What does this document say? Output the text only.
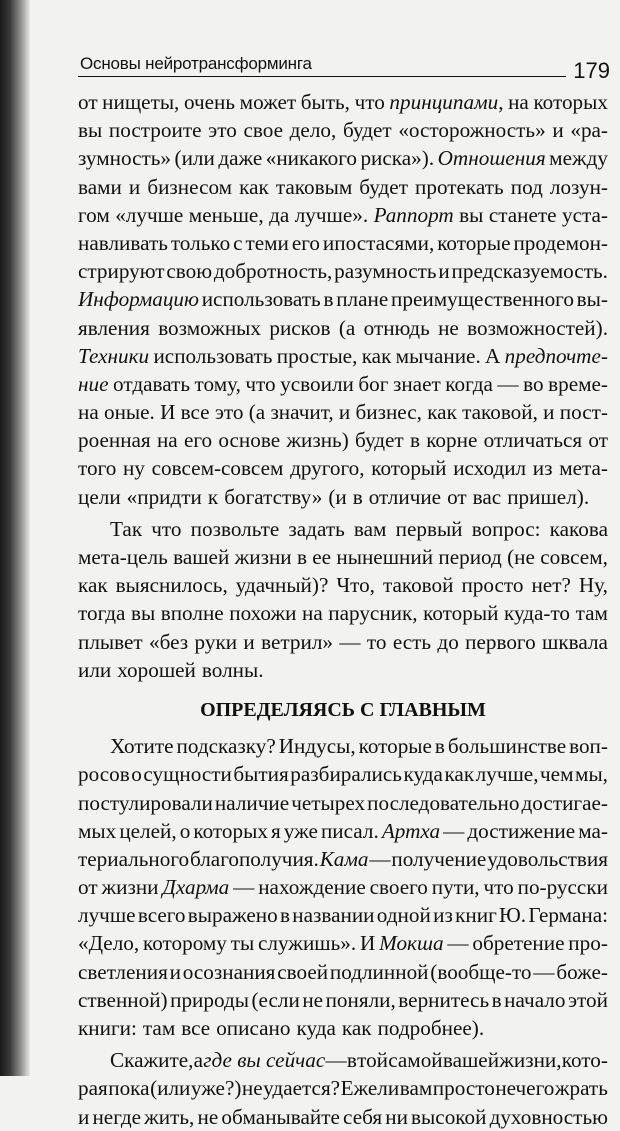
Основы нейротрансформинга	179
от нищеты, очень может быть, что принципами, на которых
вы построите это свое дело, будет «осторожность» и «ра-
зумность» (или даже «никакого риска»). Отношения между
вами и бизнесом как таковым будет протекать под лозун-
гом «лучше меньше, да лучше». Раппорт вы станете уста-
навливать только с теми его ипостасями, которые продемон-
стрируют свою добротность, разумность и предсказуемость.
Информацию использовать в плане преимущественного вы-
явления возможных рисков (а отнюдь не возможностей).
Техники использовать простые, как мычание. А предпочте-
ние отдавать тому, что усвоили бог знает когда — во време-
на оные. И все это (а значит, и бизнес, как таковой, и пост-
роенная на его основе жизнь) будет в корне отличаться от
того ну совсем-совсем другого, который исходил из мета-
цели «придти к богатству» (и в отличие от вас пришел).
Так что позвольте задать вам первый вопрос: какова
мета-цель вашей жизни в ее нынешний период (не совсем,
как выяснилось, удачный)? Что, таковой просто нет? Ну,
тогда вы вполне похожи на парусник, который куда-то там
плывет «без руки и ветрил» — то есть до первого шквала
или хорошей волны.
ОПРЕДЕЛЯЯСЬ С ГЛАВНЫМ
Хотите подсказку? Индусы, которые в большинстве воп-
росов о сущности бытия разбирались куда как лучше, чем мы,
постулировали наличие четырех последовательно достигае-
мых целей, о которых я уже писал. Артха — достижение ма-
териального благополучия. Кама — получение удовольствия
от жизни Дхарма — нахождение своего пути, что по-русски
лучше всего выражено в названии одной из книг Ю. Германа:
«Дело, которому ты служишь». И Мокша — обретение про-
светления и осознания своей подлинной (вообще-то — боже-
ственной) природы (если не поняли, вернитесь в начало этой
книги: там все описано куда как подробнее).
Скажите, а где вы сейчас — в той самой вашей жизни, кото-
рая пока (или уже?) не удается? Ежели вам просто нечего жрать
и негде жить, не обманывайте себя ни высокой духовностью
